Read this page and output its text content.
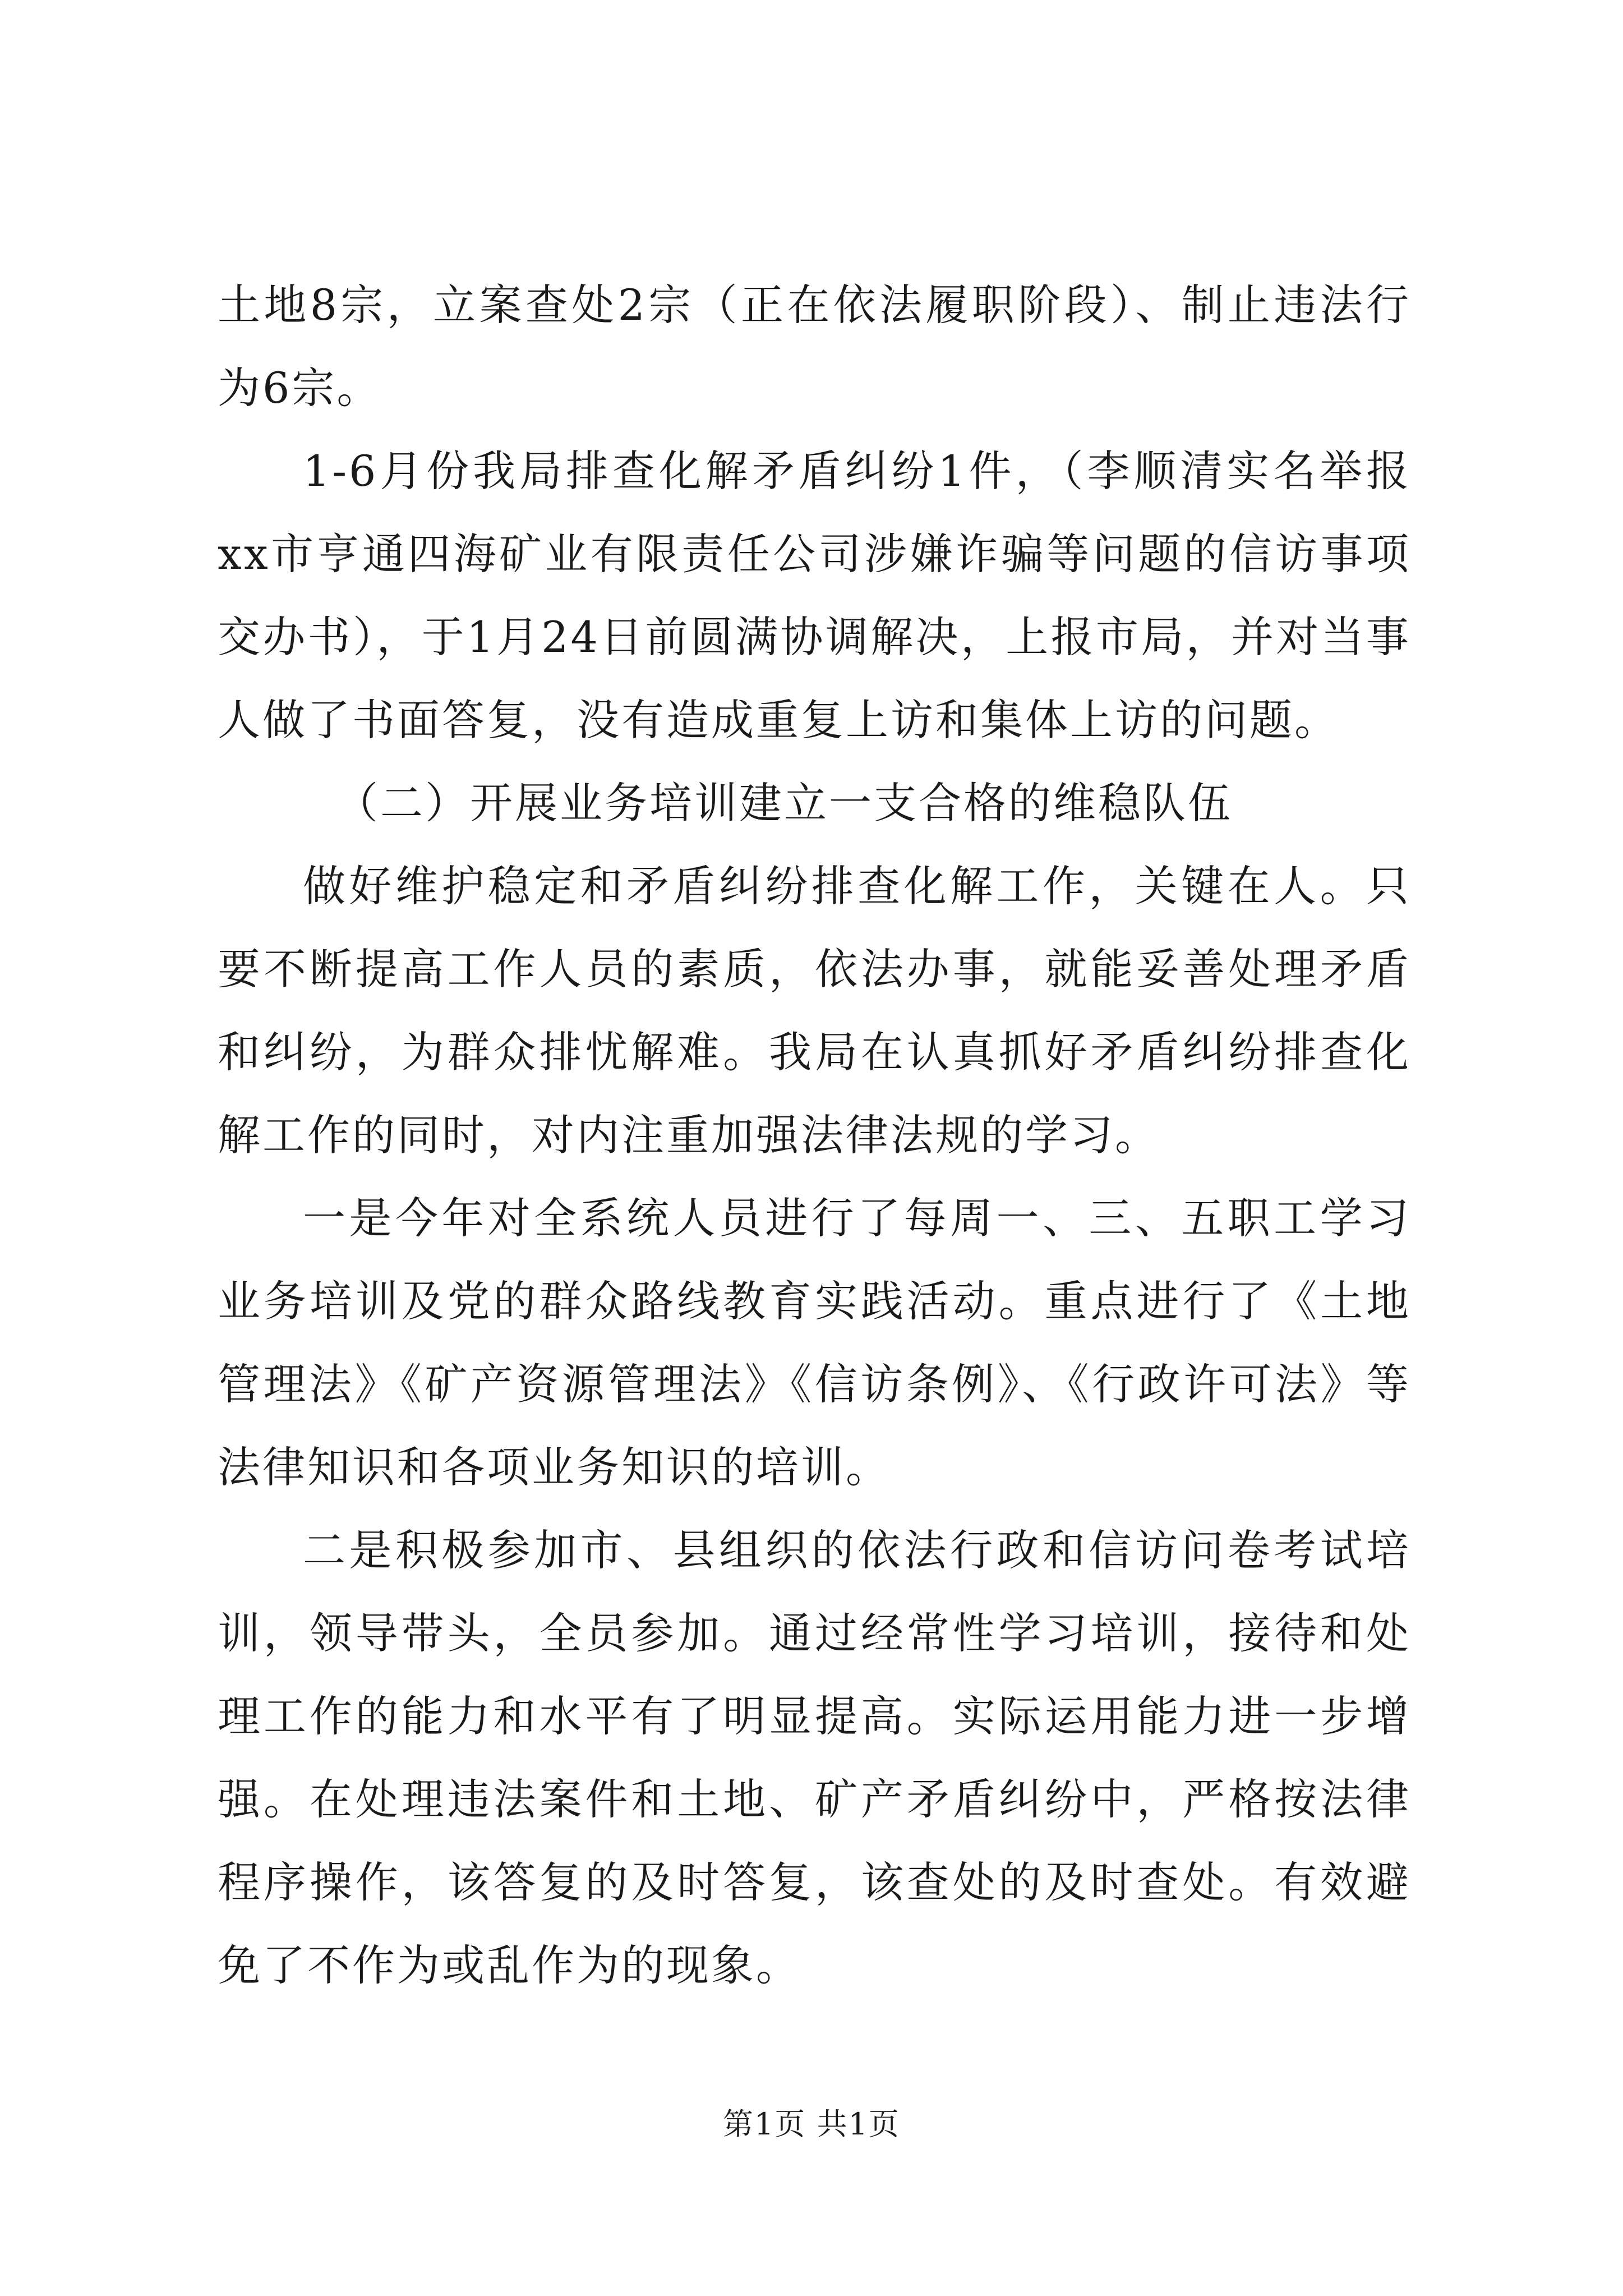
土地8宗，立案查处2宗（正在依法履职阶段）、制止违法行为6宗。

1-6月份我局排查化解矛盾纠纷1件，（李顺清实名举报xx市亨通四海矿业有限责任公司涉嫌诈骗等问题的信访事项交办书），于1月24日前圆满协调解决，上报市局，并对当事人做了书面答复，没有造成重复上访和集体上访的问题。

（二）开展业务培训建立一支合格的维稳队伍

做好维护稳定和矛盾纠纷排查化解工作，关键在人。只要不断提高工作人员的素质，依法办事，就能妥善处理矛盾和纠纷，为群众排忧解难。我局在认真抓好矛盾纠纷排查化解工作的同时，对内注重加强法律法规的学习。

一是今年对全系统人员进行了每周一、三、五职工学习业务培训及党的群众路线教育实践活动。重点进行了《土地管理法》《矿产资源管理法》《信访条例》、《行政许可法》等法律知识和各项业务知识的培训。

二是积极参加市、县组织的依法行政和信访问卷考试培训，领导带头，全员参加。通过经常性学习培训，接待和处理工作的能力和水平有了明显提高。实际运用能力进一步增强。在处理违法案件和土地、矿产矛盾纠纷中，严格按法律程序操作，该答复的及时答复，该查处的及时查处。有效避免了不作为或乱作为的现象。

第1页 共1页
